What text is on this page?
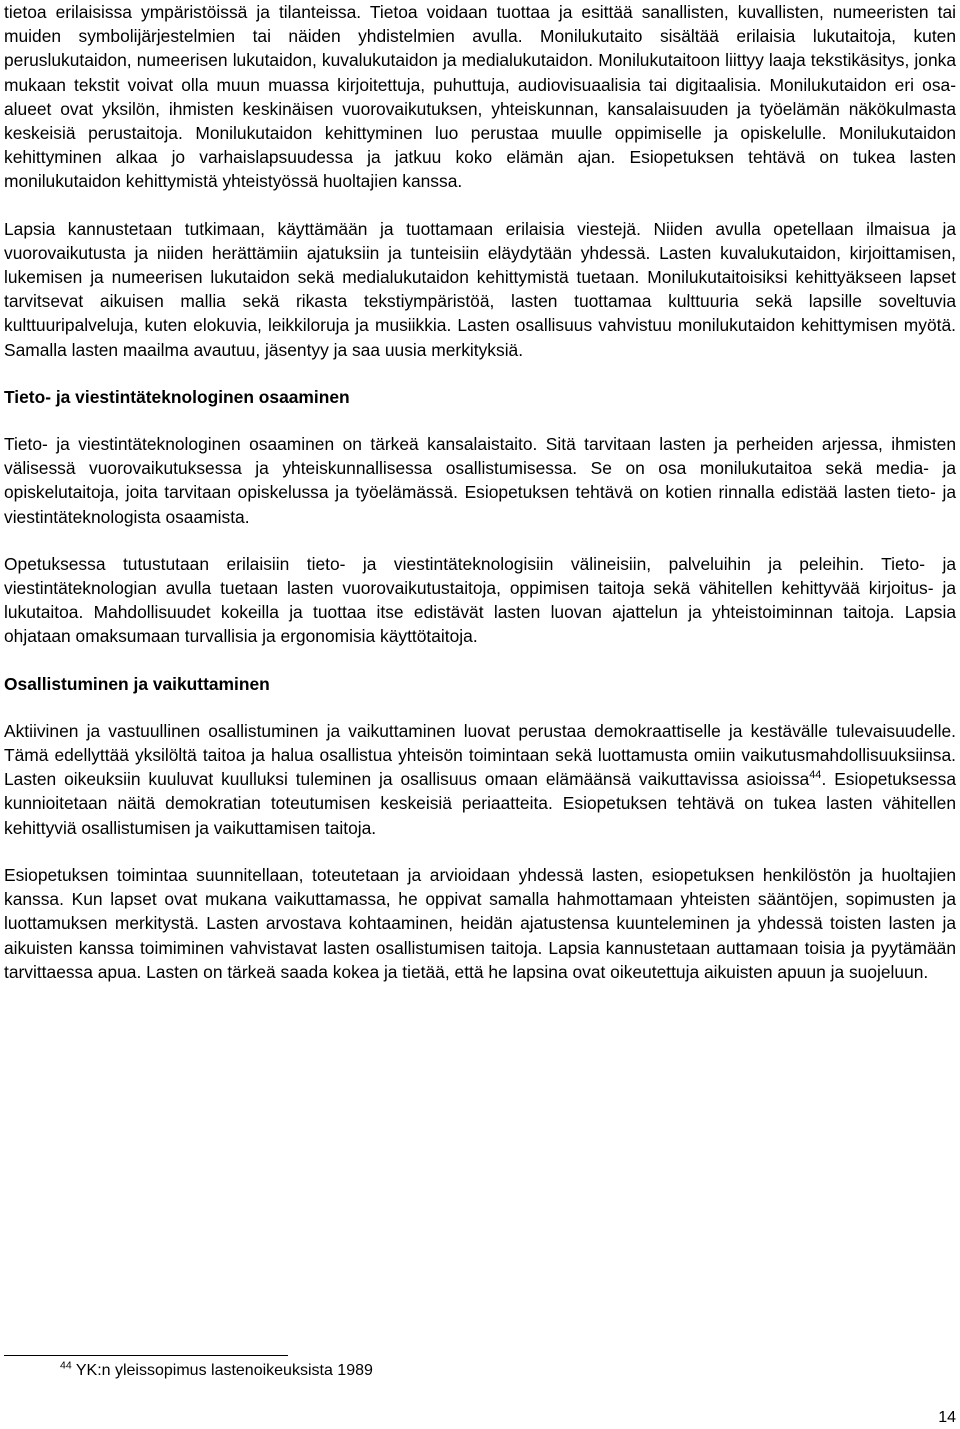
tietoa erilaisissa ympäristöissä ja tilanteissa. Tietoa voidaan tuottaa ja esittää sanallisten, kuvallisten, numeeristen tai muiden symbolijärjestelmien tai näiden yhdistelmien avulla. Monilukutaito sisältää erilaisia lukutaitoja, kuten peruslukutaidon, numeerisen lukutaidon, kuvalukutaidon ja medialukutaidon. Monilukutaitoon liittyy laaja tekstikäsitys, jonka mukaan tekstit voivat olla muun muassa kirjoitettuja, puhuttuja, audiovisuaalisia tai digitaalisia. Monilukutaidon eri osa-alueet ovat yksilön, ihmisten keskinäisen vuorovaikutuksen, yhteiskunnan, kansalaisuuden ja työelämän näkökulmasta keskeisiä perustaitoja. Monilukutaidon kehittyminen luo perustaa muulle oppimiselle ja opiskelulle. Monilukutaidon kehittyminen alkaa jo varhaislapsuudessa ja jatkuu koko elämän ajan. Esiopetuksen tehtävä on tukea lasten monilukutaidon kehittymistä yhteistyössä huoltajien kanssa.

Lapsia kannustetaan tutkimaan, käyttämään ja tuottamaan erilaisia viestejä. Niiden avulla opetellaan ilmaisua ja vuorovaikutusta ja niiden herättämiin ajatuksiin ja tunteisiin eläydytään yhdessä. Lasten kuvalukutaidon, kirjoittamisen, lukemisen ja numeerisen lukutaidon sekä medialukutaidon kehittymistä tuetaan. Monilukutaitoisiksi kehittyäkseen lapset tarvitsevat aikuisen mallia sekä rikasta tekstiympäristöä, lasten tuottamaa kulttuuria sekä lapsille soveltuvia kulttuuripalveluja, kuten elokuvia, leikkiloruja ja musiikkia. Lasten osallisuus vahvistuu monilukutaidon kehittymisen myötä. Samalla lasten maailma avautuu, jäsentyy ja saa uusia merkityksiä.

Tieto- ja viestintäteknologinen osaaminen

Tieto- ja viestintäteknologinen osaaminen on tärkeä kansalaistaito. Sitä tarvitaan lasten ja perheiden arjessa, ihmisten välisessä vuorovaikutuksessa ja yhteiskunnallisessa osallistumisessa. Se on osa monilukutaitoa sekä media- ja opiskelutaitoja, joita tarvitaan opiskelussa ja työelämässä. Esiopetuksen tehtävä on kotien rinnalla edistää lasten tieto- ja viestintäteknologista osaamista.

Opetuksessa tutustutaan erilaisiin tieto- ja viestintäteknologisiin välineisiin, palveluihin ja peleihin. Tieto- ja viestintäteknologian avulla tuetaan lasten vuorovaikutustaitoja, oppimisen taitoja sekä vähitellen kehittyvää kirjoitus- ja lukutaitoa. Mahdollisuudet kokeilla ja tuottaa itse edistävät lasten luovan ajattelun ja yhteistoiminnan taitoja. Lapsia ohjataan omaksumaan turvallisia ja ergonomisia käyttötaitoja.

Osallistuminen ja vaikuttaminen

Aktiivinen ja vastuullinen osallistuminen ja vaikuttaminen luovat perustaa demokraattiselle ja kestävälle tulevaisuudelle. Tämä edellyttää yksilöltä taitoa ja halua osallistua yhteisön toimintaan sekä luottamusta omiin vaikutusmahdollisuuksiinsa. Lasten oikeuksiin kuuluvat kuulluksi tuleminen ja osallisuus omaan elämäänsä vaikuttavissa asioissa$^{44}$. Esiopetuksessa kunnioitetaan näitä demokratian toteutumisen keskeisiä periaatteita. Esiopetuksen tehtävä on tukea lasten vähitellen kehittyviä osallistumisen ja vaikuttamisen taitoja.

Esiopetuksen toimintaa suunnitellaan, toteutetaan ja arvioidaan yhdessä lasten, esiopetuksen henkilöstön ja huoltajien kanssa. Kun lapset ovat mukana vaikuttamassa, he oppivat samalla hahmottamaan yhteisten sääntöjen, sopimusten ja luottamuksen merkitystä. Lasten arvostava kohtaaminen, heidän ajatustensa kuunteleminen ja yhdessä toisten lasten ja aikuisten kanssa toimiminen vahvistavat lasten osallistumisen taitoja. Lapsia kannustetaan auttamaan toisia ja pyytämään tarvittaessa apua. Lasten on tärkeä saada kokea ja tietää, että he lapsina ovat oikeutettuja aikuisten apuun ja suojeluun.

$^{44}$ YK:n yleissopimus lastenoikeuksista 1989
14
